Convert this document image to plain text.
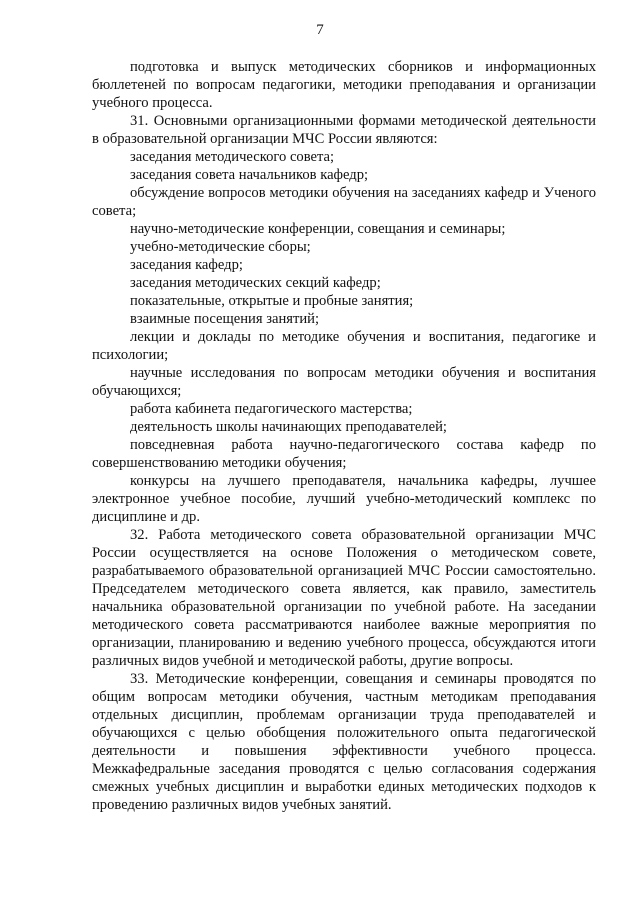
7

подготовка и выпуск методических сборников и информационных бюллетеней по вопросам педагогики, методики преподавания и организации учебного процесса.

31. Основными организационными формами методической деятельности в образовательной организации МЧС России являются:

заседания методического совета;

заседания совета начальников кафедр;

обсуждение вопросов методики обучения на заседаниях кафедр и Ученого совета;

научно-методические конференции, совещания и семинары;

учебно-методические сборы;

заседания кафедр;

заседания методических секций кафедр;

показательные, открытые и пробные занятия;

взаимные посещения занятий;

лекции и доклады по методике обучения и воспитания, педагогике и психологии;

научные исследования по вопросам методики обучения и воспитания обучающихся;

работа кабинета педагогического мастерства;

деятельность школы начинающих преподавателей;

повседневная работа научно-педагогического состава кафедр по совершенствованию методики обучения;

конкурсы на лучшего преподавателя, начальника кафедры, лучшее электронное учебное пособие, лучший учебно-методический комплекс по дисциплине и др.

32. Работа методического совета образовательной организации МЧС России осуществляется на основе Положения о методическом совете, разрабатываемого образовательной организацией МЧС России самостоятельно. Председателем методического совета является, как правило, заместитель начальника образовательной организации по учебной работе. На заседании методического совета рассматриваются наиболее важные мероприятия по организации, планированию и ведению учебного процесса, обсуждаются итоги различных видов учебной и методической работы, другие вопросы.

33. Методические конференции, совещания и семинары проводятся по общим вопросам методики обучения, частным методикам преподавания отдельных дисциплин, проблемам организации труда преподавателей и обучающихся с целью обобщения положительного опыта педагогической деятельности и повышения эффективности учебного процесса. Межкафедральные заседания проводятся с целью согласования содержания смежных учебных дисциплин и выработки единых методических подходов к проведению различных видов учебных занятий.
